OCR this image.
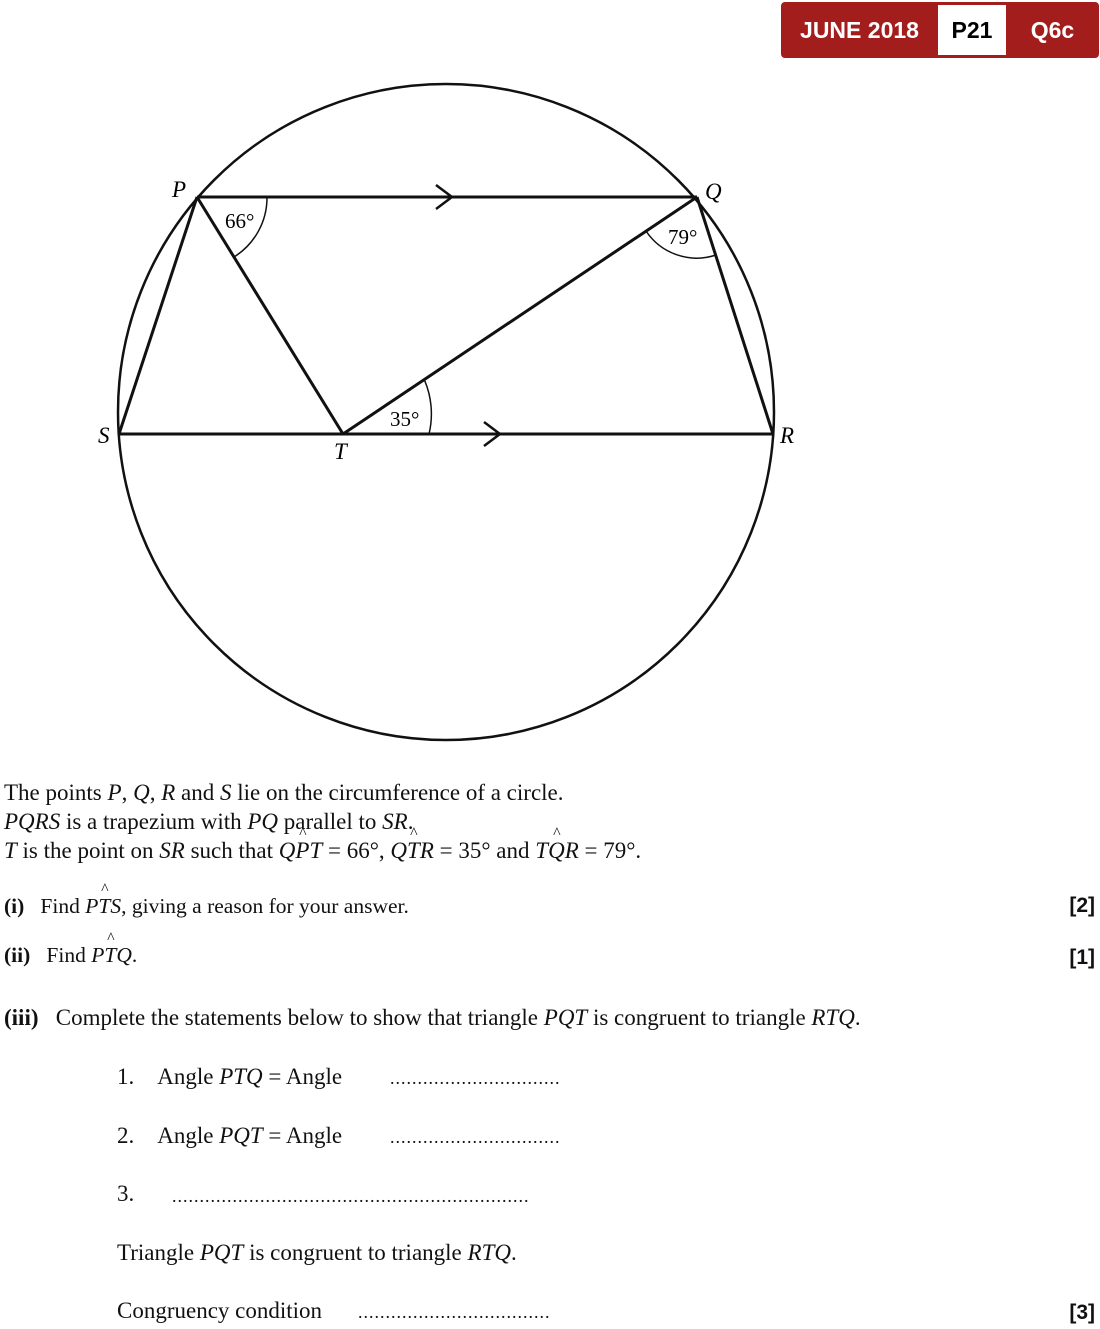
JUNE 2018	P21	Q6c
P	Q
R
S
T
66°
79°
35°
The points P, Q, R and S lie on the circumference of a circle.
PQRS is a trapezium with PQ parallel to SR.
T is the point on SR such that Q^ PT = 66°, Q^ TR = 35° and T^ QR = 79°.
(i) Find P^ TS, giving a reason for your answer.	[2]
(ii) Find P^ TQ.	[1]
(iii) Complete the statements below to show that triangle PQT is congruent to triangle RTQ.
1. Angle PTQ = Angle	...............................
2. Angle PQT = Angle	...............................
3. .................................................................
Triangle PQT is congruent to triangle RTQ.
Congruency condition ...................................	[3]
